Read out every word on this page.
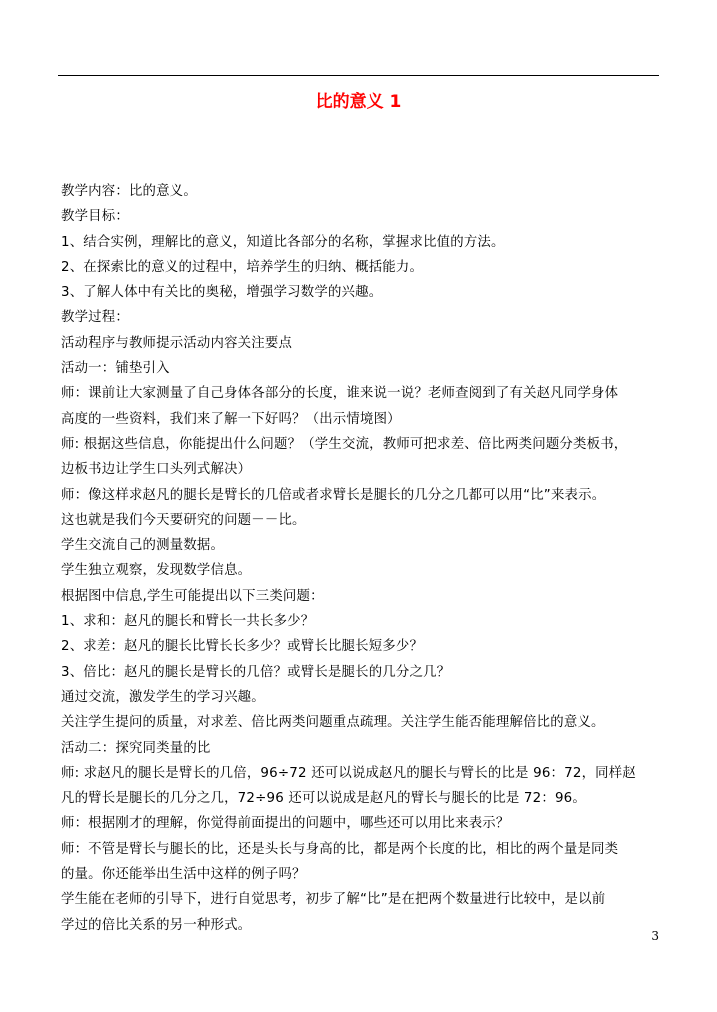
比的意义 1

教学内容：比的意义。

教学目标：

1、结合实例，理解比的意义，知道比各部分的名称，掌握求比值的方法。

2、在探索比的意义的过程中，培养学生的归纳、概括能力。

3、了解人体中有关比的奥秘，增强学习数学的兴趣。

教学过程：

活动程序与教师提示活动内容关注要点

活动一：铺垫引入

师：课前让大家测量了自己身体各部分的长度，谁来说一说？老师查阅到了有关赵凡同学身体

高度的一些资料，我们来了解一下好吗？（出示情境图）

师: 根据这些信息，你能提出什么问题？（学生交流，教师可把求差、倍比两类问题分类板书，

边板书边让学生口头列式解决）

师：像这样求赵凡的腿长是臂长的几倍或者求臂长是腿长的几分之几都可以用“比”来表示。

这也就是我们今天要研究的问题－－比。

学生交流自己的测量数据。

学生独立观察，发现数学信息。

根据图中信息,学生可能提出以下三类问题：

1、求和：赵凡的腿长和臂长一共长多少？

2、求差：赵凡的腿长比臂长长多少？或臂长比腿长短多少？

3、倍比：赵凡的腿长是臂长的几倍？或臂长是腿长的几分之几？

通过交流，激发学生的学习兴趣。

关注学生提问的质量，对求差、倍比两类问题重点疏理。关注学生能否能理解倍比的意义。

活动二：探究同类量的比

师: 求赵凡的腿长是臂长的几倍，96÷72 还可以说成赵凡的腿长与臂长的比是 96：72，同样赵

凡的臂长是腿长的几分之几，72÷96 还可以说成是赵凡的臂长与腿长的比是 72：96。

师：根据刚才的理解，你觉得前面提出的问题中，哪些还可以用比来表示？

师：不管是臂长与腿长的比，还是头长与身高的比，都是两个长度的比，相比的两个量是同类

的量。你还能举出生活中这样的例子吗？

学生能在老师的引导下，进行自觉思考，初步了解“比”是在把两个数量进行比较中，是以前

学过的倍比关系的另一种形式。

3
